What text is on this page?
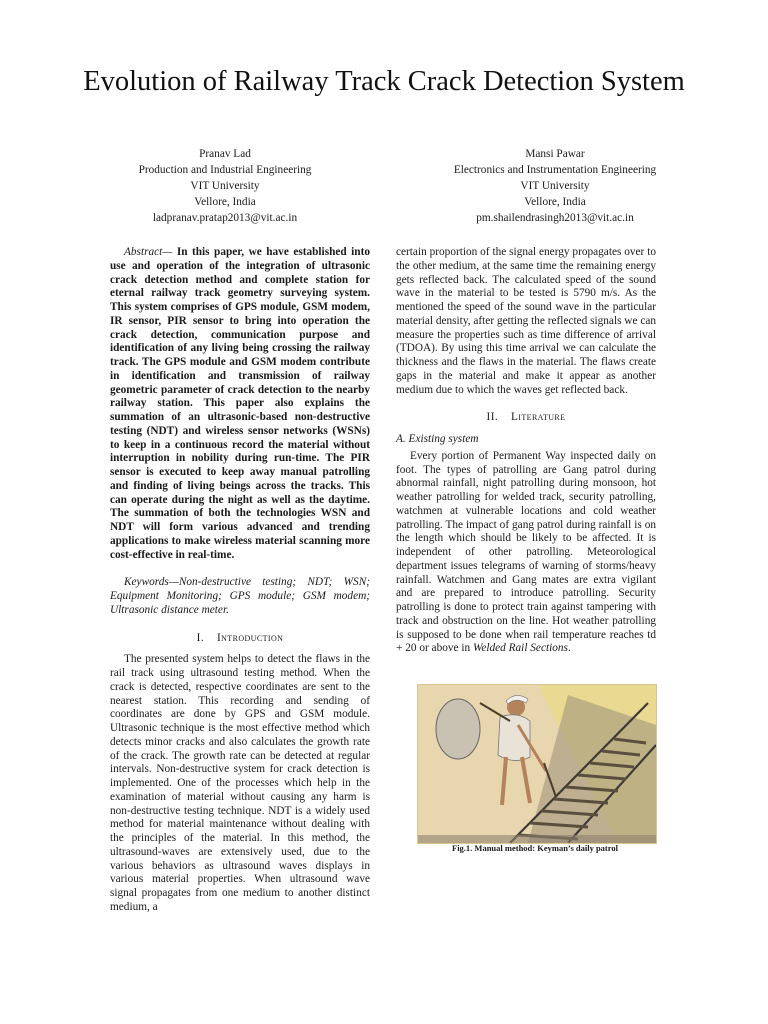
Evolution of Railway Track Crack Detection System
Pranav Lad
Production and Industrial Engineering
VIT University
Vellore, India
ladpranav.pratap2013@vit.ac.in
Mansi Pawar
Electronics and Instrumentation Engineering
VIT University
Vellore, India
pm.shailendrasingh2013@vit.ac.in

Abstract— In this paper, we have established into use and operation of the integration of ultrasonic crack detection method and complete station for eternal railway track geometry surveying system. This system comprises of GPS module, GSM modem, IR sensor, PIR sensor to bring into operation the crack detection, communication purpose and identification of any living being crossing the railway track. The GPS module and GSM modem contribute in identification and transmission of railway geometric parameter of crack detection to the nearby railway station. This paper also explains the summation of an ultrasonic-based non-destructive testing (NDT) and wireless sensor networks (WSNs) to keep in a continuous record the material without interruption in nobility during run-time. The PIR sensor is executed to keep away manual patrolling and finding of living beings across the tracks. This can operate during the night as well as the daytime. The summation of both the technologies WSN and NDT will form various advanced and trending applications to make wireless material scanning more cost-effective in real-time.

Keywords—Non-destructive testing; NDT; WSN; Equipment Monitoring; GPS module; GSM modem; Ultrasonic distance meter.

I. Introduction

The presented system helps to detect the flaws in the rail track using ultrasound testing method. When the crack is detected, respective coordinates are sent to the nearest station. This recording and sending of coordinates are done by GPS and GSM module. Ultrasonic technique is the most effective method which detects minor cracks and also calculates the growth rate of the crack. The growth rate can be detected at regular intervals. Non-destructive system for crack detection is implemented. One of the processes which help in the examination of material without causing any harm is non-destructive testing technique. NDT is a widely used method for material maintenance without dealing with the principles of the material. In this method, the ultrasound-waves are extensively used, due to the various behaviors as ultrasound waves displays in various material properties. When ultrasound wave signal propagates from one medium to another distinct medium, a

certain proportion of the signal energy propagates over to the other medium, at the same time the remaining energy gets reflected back. The calculated speed of the sound wave in the material to be tested is 5790 m/s. As the mentioned the speed of the sound wave in the particular material density, after getting the reflected signals we can measure the properties such as time difference of arrival (TDOA). By using this time arrival we can calculate the thickness and the flaws in the material. The flaws create gaps in the material and make it appear as another medium due to which the waves get reflected back.

II. Literature
A. Existing system

Every portion of Permanent Way inspected daily on foot. The types of patrolling are Gang patrol during abnormal rainfall, night patrolling during monsoon, hot weather patrolling for welded track, security patrolling, watchmen at vulnerable locations and cold weather patrolling. The impact of gang patrol during rainfall is on the length which should be likely to be affected. It is independent of other patrolling. Meteorological department issues telegrams of warning of storms/heavy rainfall. Watchmen and Gang mates are extra vigilant and are prepared to introduce patrolling. Security patrolling is done to protect train against tampering with track and obstruction on the line. Hot weather patrolling is supposed to be done when rail temperature reaches td + 20 or above in Welded Rail Sections.

Fig.1. Manual method: Keyman’s daily patrol
